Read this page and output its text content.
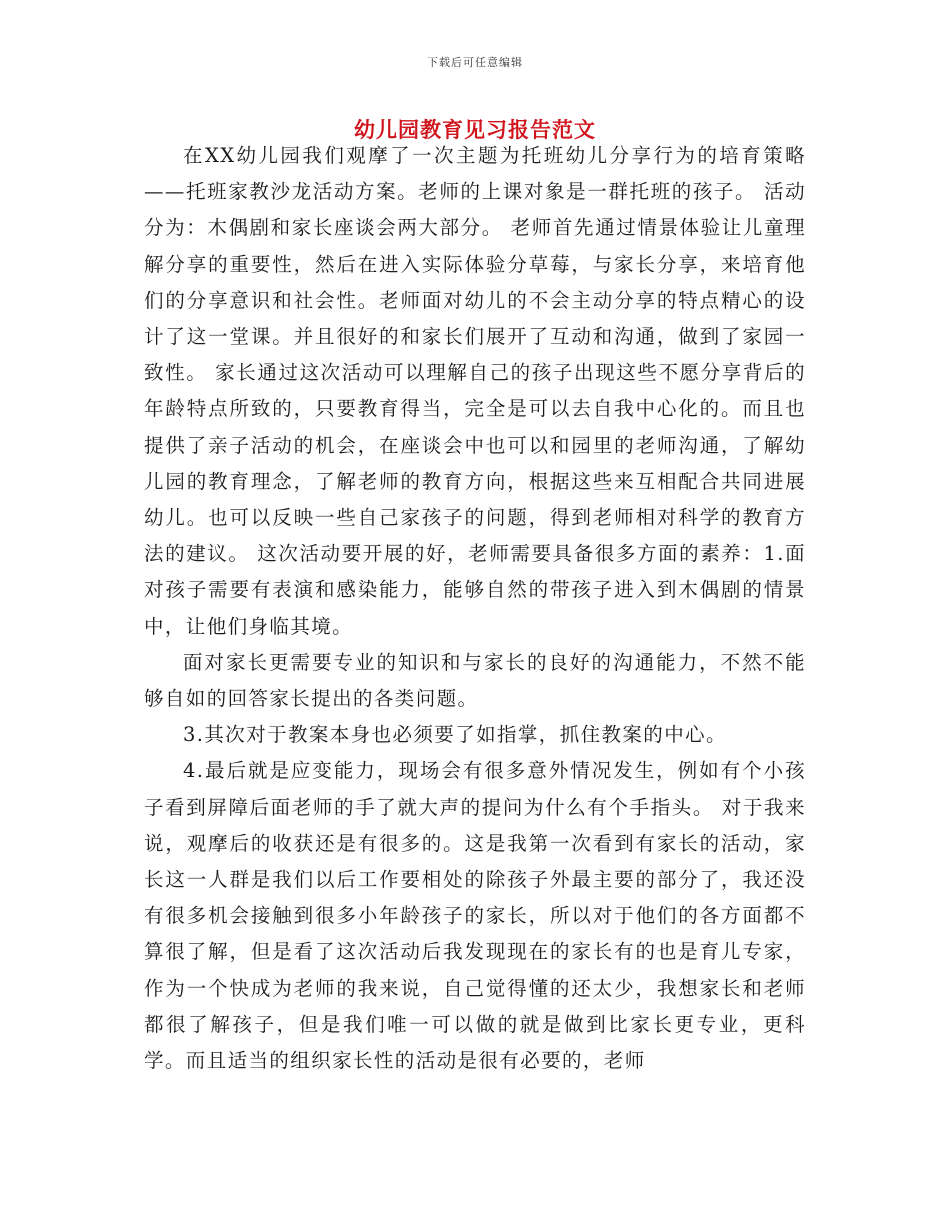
下载后可任意编辑
幼儿园教育见习报告范文

在XX幼儿园我们观摩了一次主题为托班幼儿分享行为的培育策略——托班家教沙龙活动方案。老师的上课对象是一群托班的孩子。 活动分为：木偶剧和家长座谈会两大部分。 老师首先通过情景体验让儿童理解分享的重要性，然后在进入实际体验分草莓，与家长分享，来培育他们的分享意识和社会性。老师面对幼儿的不会主动分享的特点精心的设计了这一堂课。并且很好的和家长们展开了互动和沟通，做到了家园一致性。 家长通过这次活动可以理解自己的孩子出现这些不愿分享背后的年龄特点所致的，只要教育得当，完全是可以去自我中心化的。而且也提供了亲子活动的机会，在座谈会中也可以和园里的老师沟通，了解幼儿园的教育理念，了解老师的教育方向，根据这些来互相配合共同进展幼儿。也可以反映一些自己家孩子的问题，得到老师相对科学的教育方法的建议。 这次活动要开展的好，老师需要具备很多方面的素养：1.面对孩子需要有表演和感染能力，能够自然的带孩子进入到木偶剧的情景中，让他们身临其境。

面对家长更需要专业的知识和与家长的良好的沟通能力，不然不能够自如的回答家长提出的各类问题。

3.其次对于教案本身也必须要了如指掌，抓住教案的中心。

4.最后就是应变能力，现场会有很多意外情况发生，例如有个小孩子看到屏障后面老师的手了就大声的提问为什么有个手指头。 对于我来说，观摩后的收获还是有很多的。这是我第一次看到有家长的活动，家长这一人群是我们以后工作要相处的除孩子外最主要的部分了，我还没有很多机会接触到很多小年龄孩子的家长，所以对于他们的各方面都不算很了解，但是看了这次活动后我发现现在的家长有的也是育儿专家，作为一个快成为老师的我来说，自己觉得懂的还太少，我想家长和老师都很了解孩子，但是我们唯一可以做的就是做到比家长更专业，更科学。而且适当的组织家长性的活动是很有必要的，老师
